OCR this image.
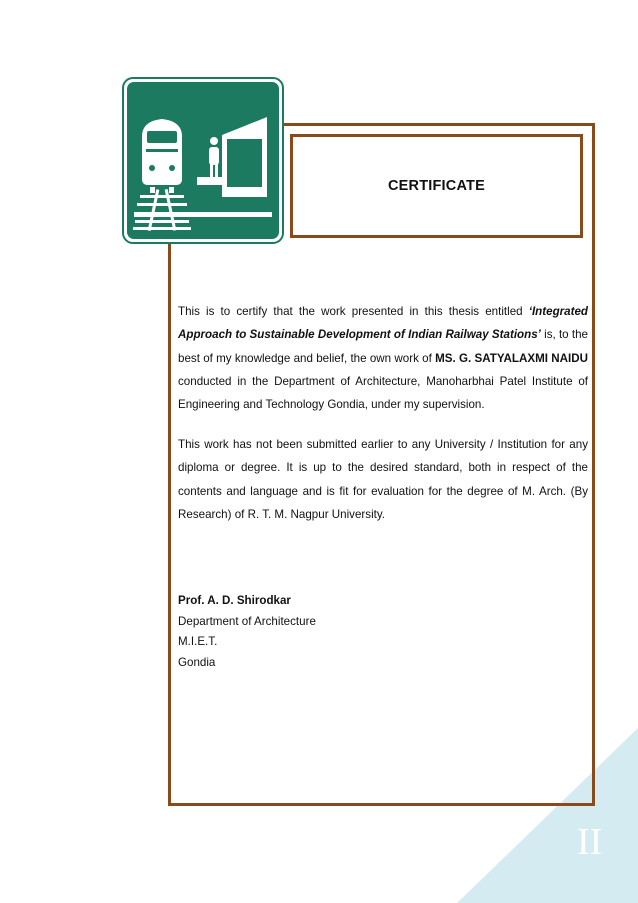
CERTIFICATE

This is to certify that the work presented in this thesis entitled ‘Integrated Approach to Sustainable Development of Indian Railway Stations’ is, to the best of my knowledge and belief, the own work of MS. G. SATYALAXMI NAIDU conducted in the Department of Architecture, Manoharbhai Patel Institute of Engineering and Technology Gondia, under my supervision.

This work has not been submitted earlier to any University / Institution for any diploma or degree. It is up to the desired standard, both in respect of the contents and language and is fit for evaluation for the degree of M. Arch. (By Research) of R. T. M. Nagpur University.

Prof. A. D. Shirodkar
Department of Architecture
M.I.E.T.
Gondia
II
